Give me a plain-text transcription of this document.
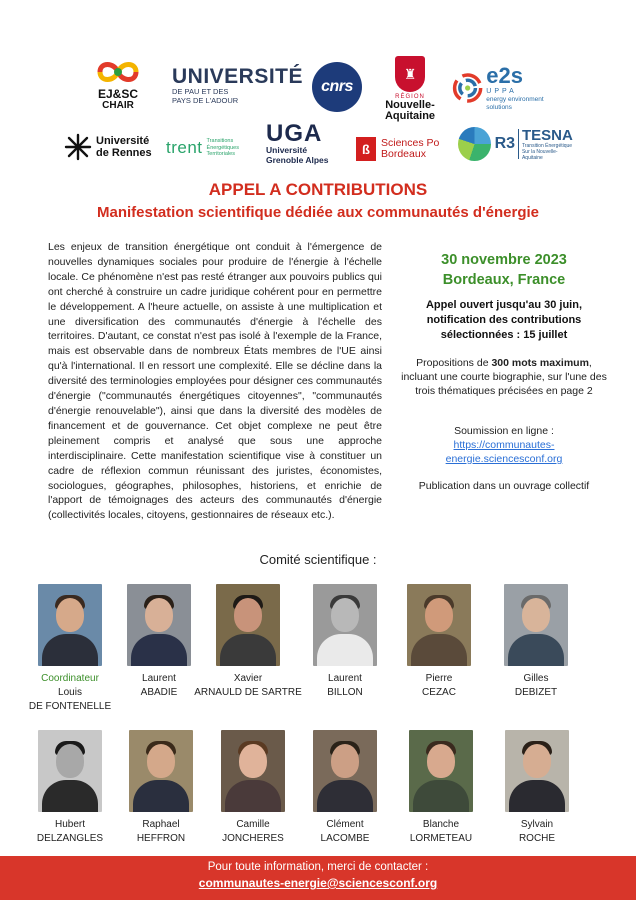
EJ&SC
CHAIR
UNIVERSITÉ
DE PAU ET DES
PAYS DE L'ADOUR
cnrs
♜
RÉGION
Nouvelle-
Aquitaine
e2s
UPPA
energy environment solutions
Université
de Rennes trent Transitions
Énergétiques
Territoriales
UGA
Université
Grenoble Alpes
ß	Sciences Po
Bordeaux
R3 TESNA
Transition Énergétique
Sur la Nouvelle-Aquitaine
APPEL A CONTRIBUTIONS
Manifestation scientifique dédiée aux communautés d'énergie

Les enjeux de transition énergétique ont conduit à l'émergence de nouvelles dynamiques sociales pour produire de l'énergie à l'échelle locale. Ce phénomène n'est pas resté étranger aux pouvoirs publics qui ont cherché à construire un cadre juridique cohérent pour en permettre le développement. A l'heure actuelle, on assiste à une multiplication et une diversification des communautés d'énergie à l'échelle des territoires. D'autant, ce constat n'est pas isolé à l'exemple de la France, mais est observable dans de nombreux États membres de l'UE ainsi qu'à l'international. Il en ressort une complexité. Elle se décline dans la diversité des terminologies employées pour désigner ces communautés d'énergie ("communautés énergétiques citoyennes", "communautés d'énergie renouvelable"), ainsi que dans la diversité des modèles de financement et de gouvernance. Cet objet complexe ne peut être pleinement compris et analysé que sous une approche interdisciplinaire. Cette manifestation scientifique vise à constituer un cadre de réflexion commun réunissant des juristes, économistes, sociologues, géographes, philosophes, historiens, et enrichie de l'apport de témoignages des acteurs des communautés d'énergie (collectivités locales, citoyens, gestionnaires de réseaux etc.).

30 novembre 2023
Bordeaux, France
Appel ouvert jusqu'au 30 juin,
notification des contributions
sélectionnées : 15 juillet
Propositions de 300 mots maximum, incluant une courte biographie, sur l'une des trois thématiques précisées en page 2
Soumission en ligne :
https://communautes-
energie.sciencesconf.org
Publication dans un ouvrage collectif
Comité scientifique :
Coordinateur
Louis
DE FONTENELLE
Laurent
ABADIE
Xavier
ARNAULD DE SARTRE
Laurent
BILLON
Pierre
CEZAC
Gilles
DEBIZET
Hubert
DELZANGLES
Raphael
HEFFRON
Camille
JONCHERES
Clément
LACOMBE
Blanche
LORMETEAU
Sylvain
ROCHE
Pour toute information, merci de contacter :
communautes-energie@sciencesconf.org
